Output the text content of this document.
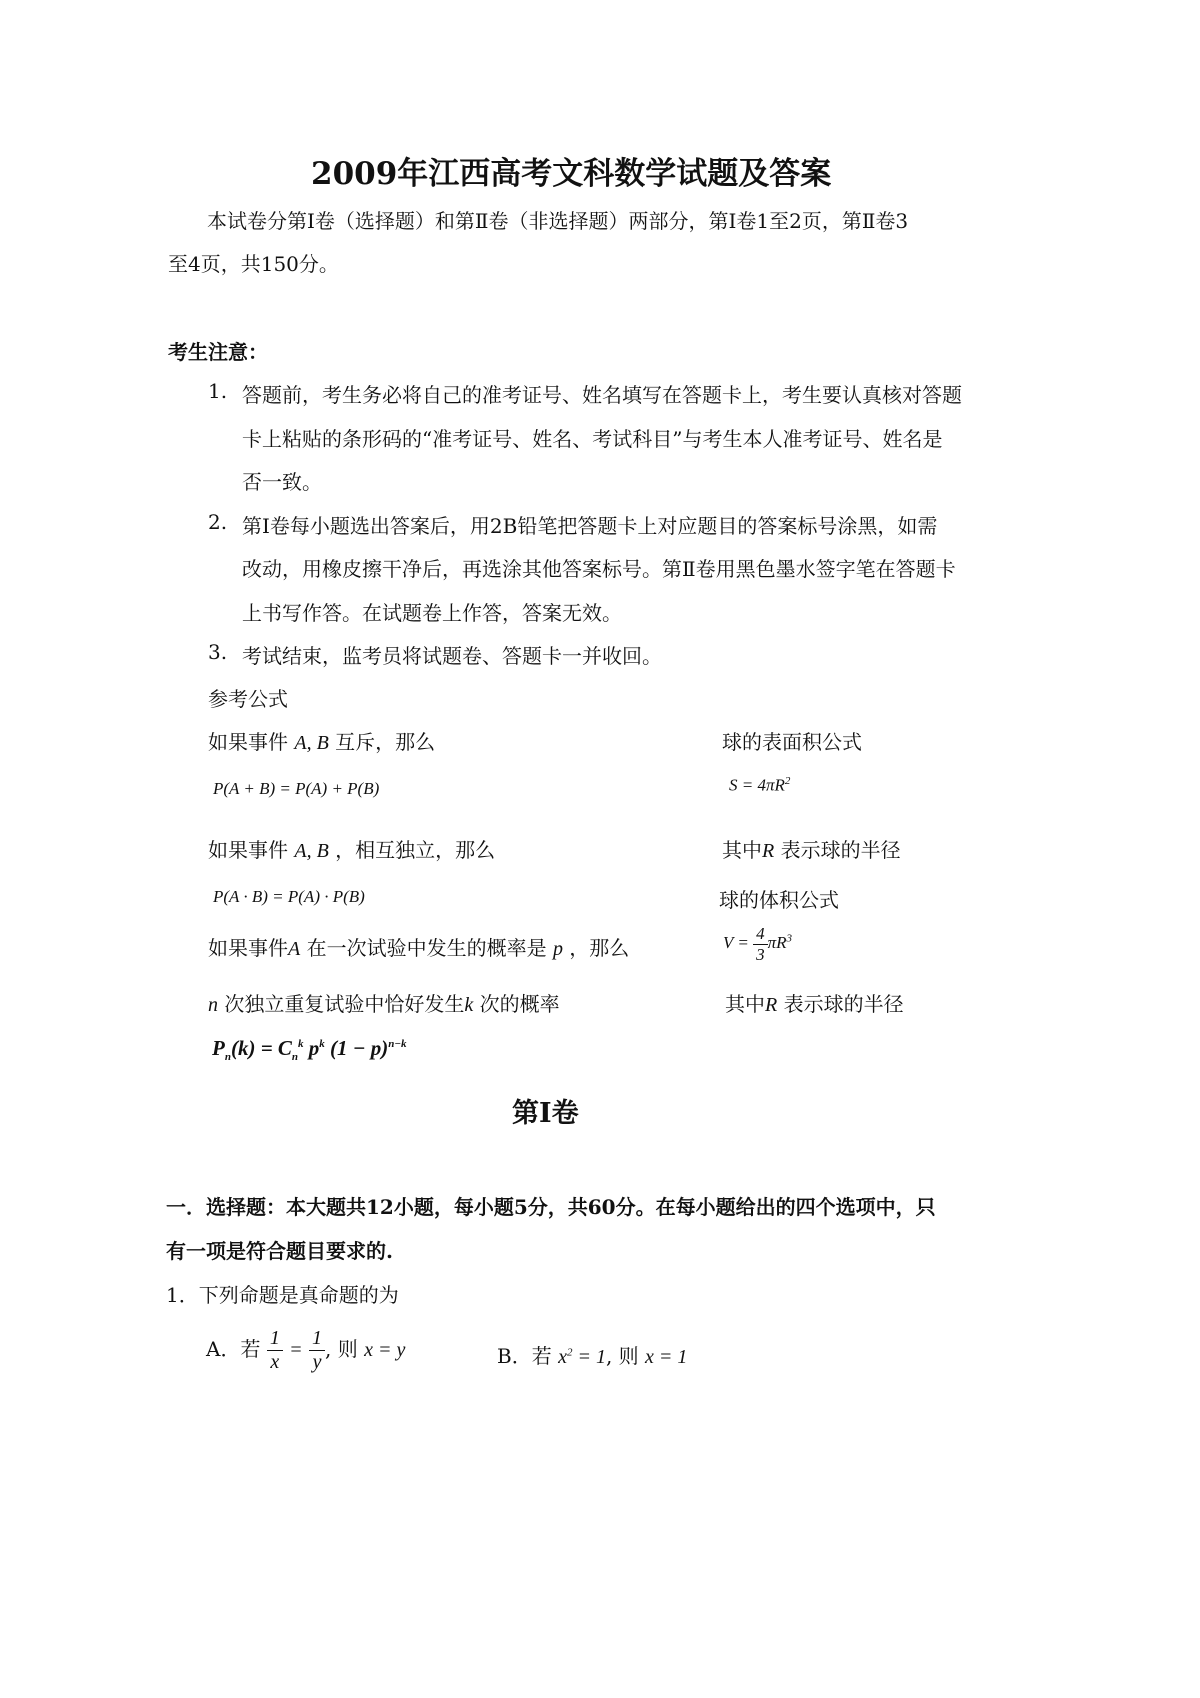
2009年江西高考文科数学试题及答案
本试卷分第Ⅰ卷（选择题）和第Ⅱ卷（非选择题）两部分，第Ⅰ卷1至2页，第Ⅱ卷3
至4页，共150分。
考生注意：
1. 答题前，考生务必将自己的准考证号、姓名填写在答题卡上，考生要认真核对答题
卡上粘贴的条形码的“准考证号、姓名、考试科目”与考生本人准考证号、姓名是
否一致。
2. 第Ⅰ卷每小题选出答案后，用2B铅笔把答题卡上对应题目的答案标号涂黑，如需
改动，用橡皮擦干净后，再选涂其他答案标号。第Ⅱ卷用黑色墨水签字笔在答题卡
上书写作答。在试题卷上作答，答案无效。
3. 考试结束，监考员将试题卷、答题卡一并收回。
参考公式
如果事件 A, B 互斥，那么	球的表面积公式
P(A + B) = P(A) + P(B)	$S = 4\pi R^2$
如果事件 A, B ，相互独立，那么	其中R 表示球的半径
P(A · B) = P(A) · P(B)	球的体积公式
如果事件A 在一次试验中发生的概率是 p ，那么	$V = \frac{4}{3} \pi R^3$
n 次独立重复试验中恰好发生k 次的概率	其中R 表示球的半径
$P_n(k) = C_n^k$ $p^k$ $(1 - p)^{n-k}$
第Ⅰ卷
一．选择题：本大题共12小题，每小题5分，共60分。在每小题给出的四个选项中，只
有一项是符合题目要求的.
1．下列命题是真命题的为
A．若 $\frac{1}{x} = \frac{1}{y}$ , 则 x = y	B．若 $x^2 = 1$, 则 x = 1
